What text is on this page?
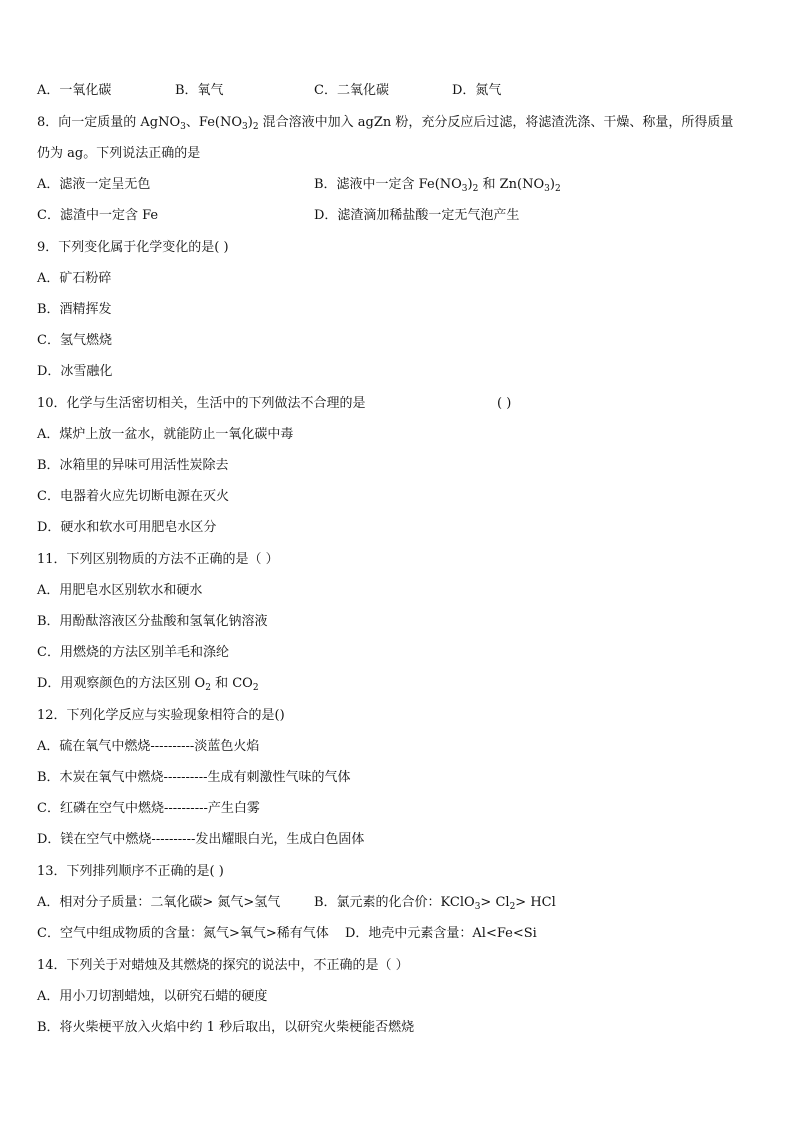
A．一氧化碳	B．氧气	C．二氧化碳	D．氮气
8．向一定质量的 AgNO$_3$、$Fe(NO_3)_2$ 混合溶液中加入 agZn 粉，充分反应后过滤，将滤渣洗涤、干燥、称量，所得质量
仍为 ag。下列说法正确的是
A．滤液一定呈无色	B．滤液中一定含 $Fe(NO_3)_2$ 和 $Zn(NO_3)_2$
C．滤渣中一定含 Fe	D．滤渣滴加稀盐酸一定无气泡产生
9．下列变化属于化学变化的是( )
A．矿石粉碎
B．酒精挥发
C．氢气燃烧
D．冰雪融化
10．化学与生活密切相关，生活中的下列做法不合理的是	( )
A．煤炉上放一盆水，就能防止一氧化碳中毒
B．冰箱里的异味可用活性炭除去
C．电器着火应先切断电源在灭火
D．硬水和软水可用肥皂水区分
11．下列区别物质的方法不正确的是（ ）
A．用肥皂水区别软水和硬水
B．用酚酞溶液区分盐酸和氢氧化钠溶液
C．用燃烧的方法区别羊毛和涤纶
D．用观察颜色的方法区别 $O_2$ 和 $CO_2$
12．下列化学反应与实验现象相符合的是()
A．硫在氧气中燃烧----------淡蓝色火焰
B．木炭在氧气中燃烧----------生成有刺激性气味的气体
C．红磷在空气中燃烧----------产生白雾
D．镁在空气中燃烧----------发出耀眼白光，生成白色固体
13．下列排列顺序不正确的是( )
A．相对分子质量：二氧化碳> 氮气>氢气	B．氯元素的化合价：KClO$_3$> $Cl_2>$ HCl
C．空气中组成物质的含量：氮气>氧气>稀有气体 D．地壳中元素含量：Al<Fe<Si
14．下列关于对蜡烛及其燃烧的探究的说法中，不正确的是（ ）
A．用小刀切割蜡烛，以研究石蜡的硬度
B．将火柴梗平放入火焰中约 1 秒后取出，以研究火柴梗能否燃烧
